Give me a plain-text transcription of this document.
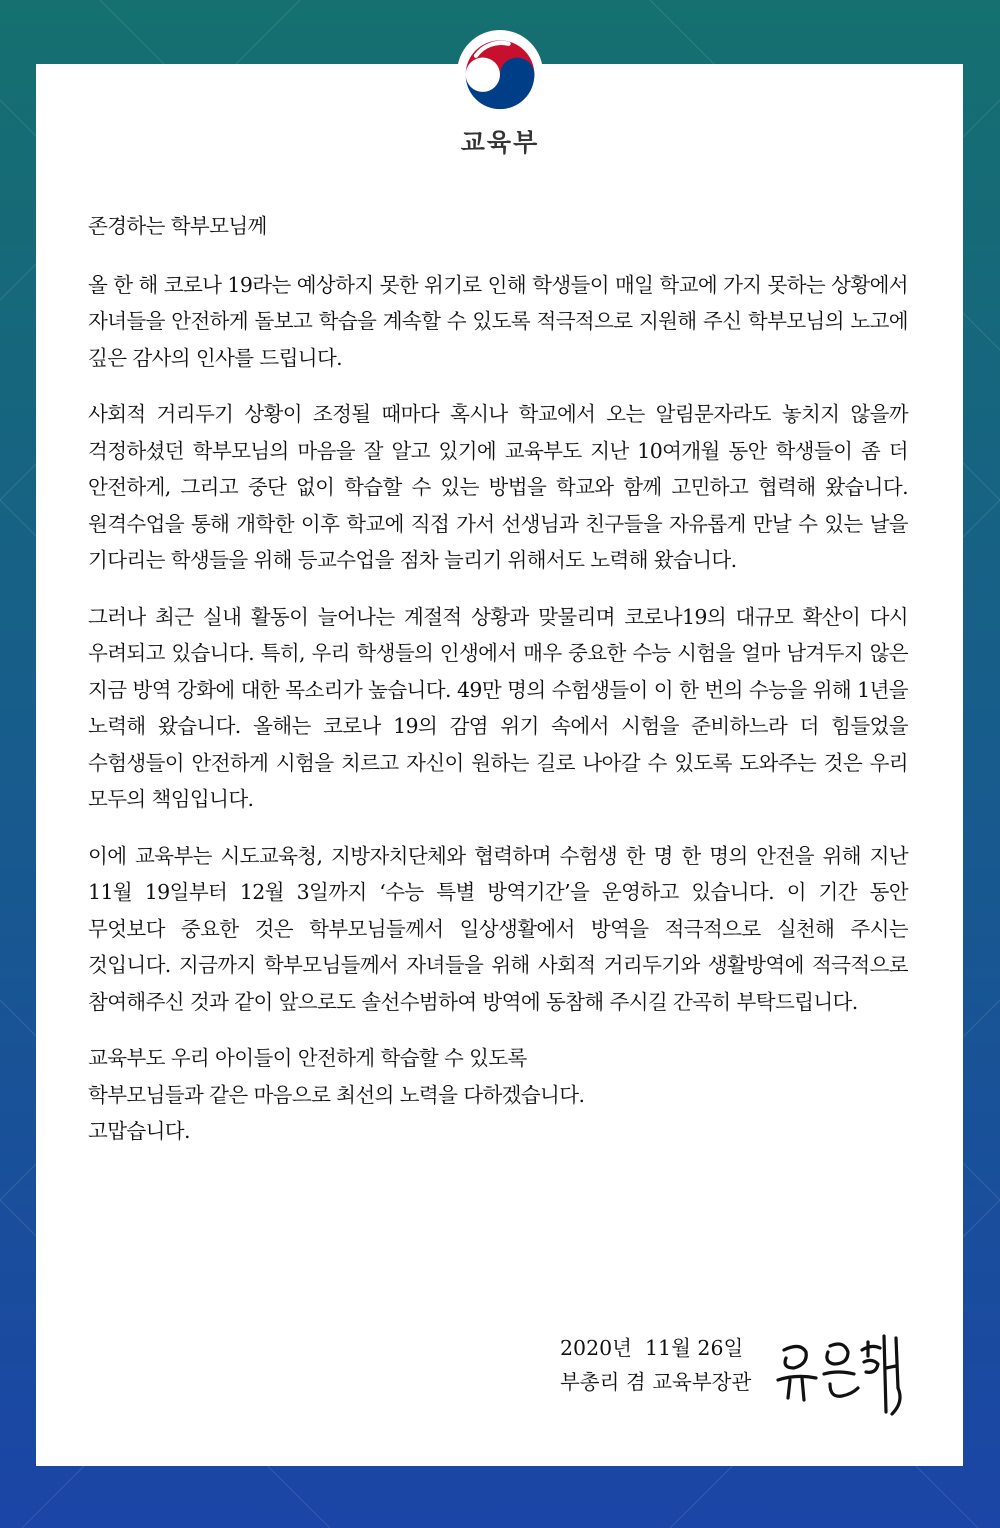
교육부

존경하는 학부모님께

올 한 해 코로나 19라는 예상하지 못한 위기로 인해 학생들이 매일 학교에 가지 못하는 상황에서 자녀들을 안전하게 돌보고 학습을 계속할 수 있도록 적극적으로 지원해 주신 학부모님의 노고에 깊은 감사의 인사를 드립니다.

사회적 거리두기 상황이 조정될 때마다 혹시나 학교에서 오는 알림문자라도 놓치지 않을까 걱정하셨던 학부모님의 마음을 잘 알고 있기에 교육부도 지난 10여개월 동안 학생들이 좀 더 안전하게, 그리고 중단 없이 학습할 수 있는 방법을 학교와 함께 고민하고 협력해 왔습니다. 원격수업을 통해 개학한 이후 학교에 직접 가서 선생님과 친구들을 자유롭게 만날 수 있는 날을 기다리는 학생들을 위해 등교수업을 점차 늘리기 위해서도 노력해 왔습니다.

그러나 최근 실내 활동이 늘어나는 계절적 상황과 맞물리며 코로나19의 대규모 확산이 다시 우려되고 있습니다. 특히, 우리 학생들의 인생에서 매우 중요한 수능 시험을 얼마 남겨두지 않은 지금 방역 강화에 대한 목소리가 높습니다. 49만 명의 수험생들이 이 한 번의 수능을 위해 1년을 노력해 왔습니다. 올해는 코로나 19의 감염 위기 속에서 시험을 준비하느라 더 힘들었을 수험생들이 안전하게 시험을 치르고 자신이 원하는 길로 나아갈 수 있도록 도와주는 것은 우리 모두의 책임입니다.

이에 교육부는 시도교육청, 지방자치단체와 협력하며 수험생 한 명 한 명의 안전을 위해 지난 11월 19일부터 12월 3일까지 ‘수능 특별 방역기간’을 운영하고 있습니다. 이 기간 동안 무엇보다 중요한 것은 학부모님들께서 일상생활에서 방역을 적극적으로 실천해 주시는 것입니다. 지금까지 학부모님들께서 자녀들을 위해 사회적 거리두기와 생활방역에 적극적으로 참여해주신 것과 같이 앞으로도 솔선수범하여 방역에 동참해 주시길 간곡히 부탁드립니다.

교육부도 우리 아이들이 안전하게 학습할 수 있도록
학부모님들과 같은 마음으로 최선의 노력을 다하겠습니다.
고맙습니다.

2020년  11월 26일
부총리 겸 교육부장관
